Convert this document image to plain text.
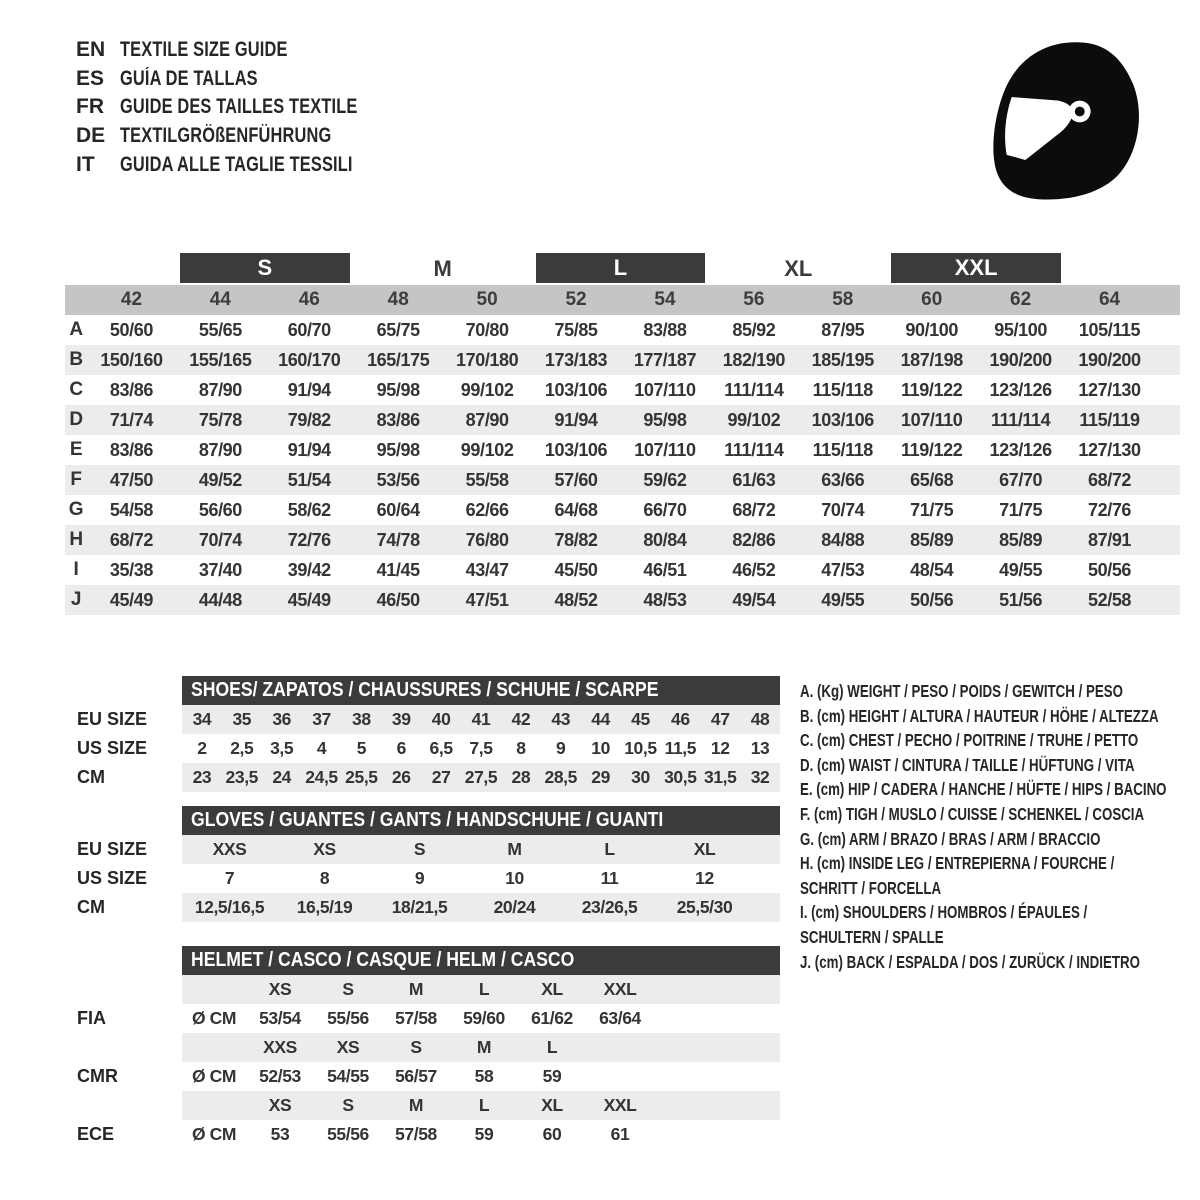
EN TEXTILE SIZE GUIDE
ES GUÍA DE TALLAS
FR GUIDE DES TAILLES TEXTILE
DE TEXTILGRÖßENFÜHRUNG
IT	GUIDA ALLE TAGLIE TESSILI
S	M	L	XL	XXL
42	44	46	48	50	52	54	56	58	60	62	64
A	50/60	55/65	60/70	65/75	70/80	75/85	83/88	85/92	87/95	90/100	95/100	105/115
B 150/160	155/165	160/170	165/175	170/180	173/183	177/187	182/190	185/195	187/198	190/200	190/200
C	83/86	87/90	91/94	95/98	99/102	103/106	107/110	111/114	115/118	119/122	123/126	127/130
D	71/74	75/78	79/82	83/86	87/90	91/94	95/98	99/102	103/106	107/110	111/114	115/119
E	83/86	87/90	91/94	95/98	99/102	103/106	107/110	111/114	115/118	119/122	123/126	127/130
F	47/50	49/52	51/54	53/56	55/58	57/60	59/62	61/63	63/66	65/68	67/70	68/72
G	54/58	56/60	58/62	60/64	62/66	64/68	66/70	68/72	70/74	71/75	71/75	72/76
H	68/72	70/74	72/76	74/78	76/80	78/82	80/84	82/86	84/88	85/89	85/89	87/91
I	35/38	37/40	39/42	41/45	43/47	45/50	46/51	46/52	47/53	48/54	49/55	50/56
J	45/49	44/48	45/49	46/50	47/51	48/52	48/53	49/54	49/55	50/56	51/56	52/58
SHOES/ ZAPATOS / CHAUSSURES / SCHUHE / SCARPE
EU SIZE	34	35	36	37	38	39	40	41	42	43	44	45	46	47	48
US SIZE	2	2,5 3,5	4	5	6	6,5 7,5	8	9	10 10,5 11,5 12	13
CM	23 23,5 24 24,5 25,5 26	27 27,5 28 28,5 29	30 30,5 31,5 32
GLOVES / GUANTES / GANTS / HANDSCHUHE / GUANTI
EU SIZE	XXS	XS	S	M	L	XL
US SIZE	7	8	9	10	11	12
CM	12,5/16,5	16,5/19	18/21,5	20/24	23/26,5	25,5/30
HELMET / CASCO / CASQUE / HELM / CASCO
XS	S	M	L	XL	XXL
FIA	Ø CM	53/54	55/56	57/58	59/60	61/62	63/64
XXS	XS	S	M	L
CMR	Ø CM	52/53	54/55	56/57	58	59
XS	S	M	L	XL	XXL
ECE	Ø CM	53	55/56	57/58	59	60	61
A. (Kg) WEIGHT / PESO / POIDS / GEWITCH / PESO
B. (cm) HEIGHT / ALTURA / HAUTEUR / HÖHE / ALTEZZA
C. (cm) CHEST / PECHO / POITRINE / TRUHE / PETTO
D. (cm) WAIST / CINTURA / TAILLE / HÜFTUNG / VITA
E. (cm) HIP / CADERA / HANCHE / HÜFTE / HIPS / BACINO
F. (cm) TIGH / MUSLO / CUISSE / SCHENKEL / COSCIA
G. (cm) ARM / BRAZO / BRAS / ARM / BRACCIO
H. (cm) INSIDE LEG / ENTREPIERNA / FOURCHE /
SCHRITT / FORCELLA
I. (cm) SHOULDERS / HOMBROS / ÉPAULES /
SCHULTERN / SPALLE
J. (cm) BACK / ESPALDA / DOS / ZURÜCK / INDIETRO
